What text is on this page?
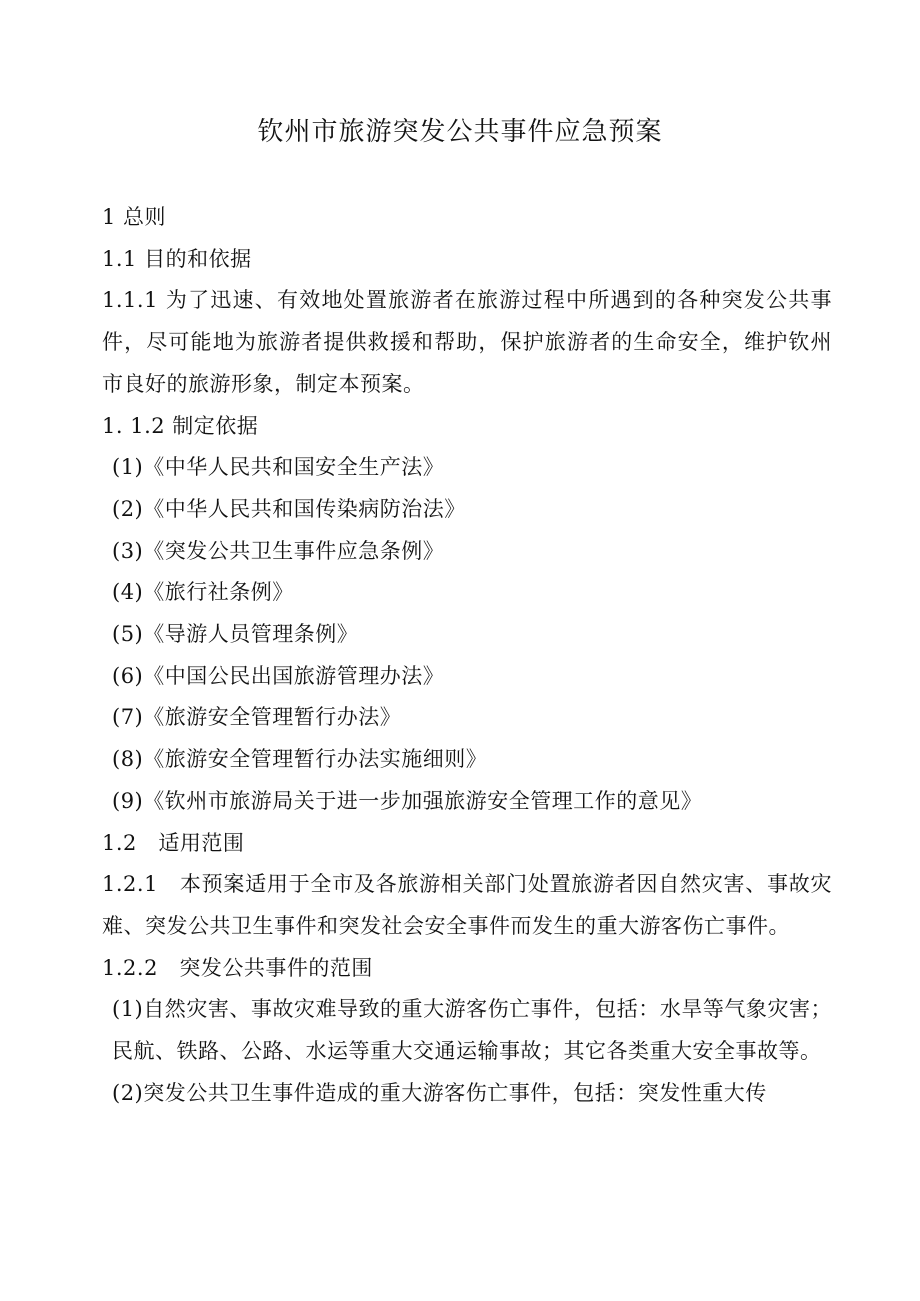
钦州市旅游突发公共事件应急预案

1 总则

1.1 目的和依据

1.1.1 为了迅速、有效地处置旅游者在旅游过程中所遇到的各种突发公共事件，尽可能地为旅游者提供救援和帮助，保护旅游者的生命安全，维护钦州市良好的旅游形象，制定本预案。

1. 1.2 制定依据

(1)《中华人民共和国安全生产法》

(2)《中华人民共和国传染病防治法》

(3)《突发公共卫生事件应急条例》

(4)《旅行社条例》

(5)《导游人员管理条例》

(6)《中国公民出国旅游管理办法》

(7)《旅游安全管理暂行办法》

(8)《旅游安全管理暂行办法实施细则》

(9)《钦州市旅游局关于进一步加强旅游安全管理工作的意见》

1.2　适用范围

1.2.1　本预案适用于全市及各旅游相关部门处置旅游者因自然灾害、事故灾难、突发公共卫生事件和突发社会安全事件而发生的重大游客伤亡事件。

1.2.2　突发公共事件的范围

(1)自然灾害、事故灾难导致的重大游客伤亡事件，包括：水旱等气象灾害；民航、铁路、公路、水运等重大交通运输事故；其它各类重大安全事故等。

(2)突发公共卫生事件造成的重大游客伤亡事件，包括：突发性重大传
